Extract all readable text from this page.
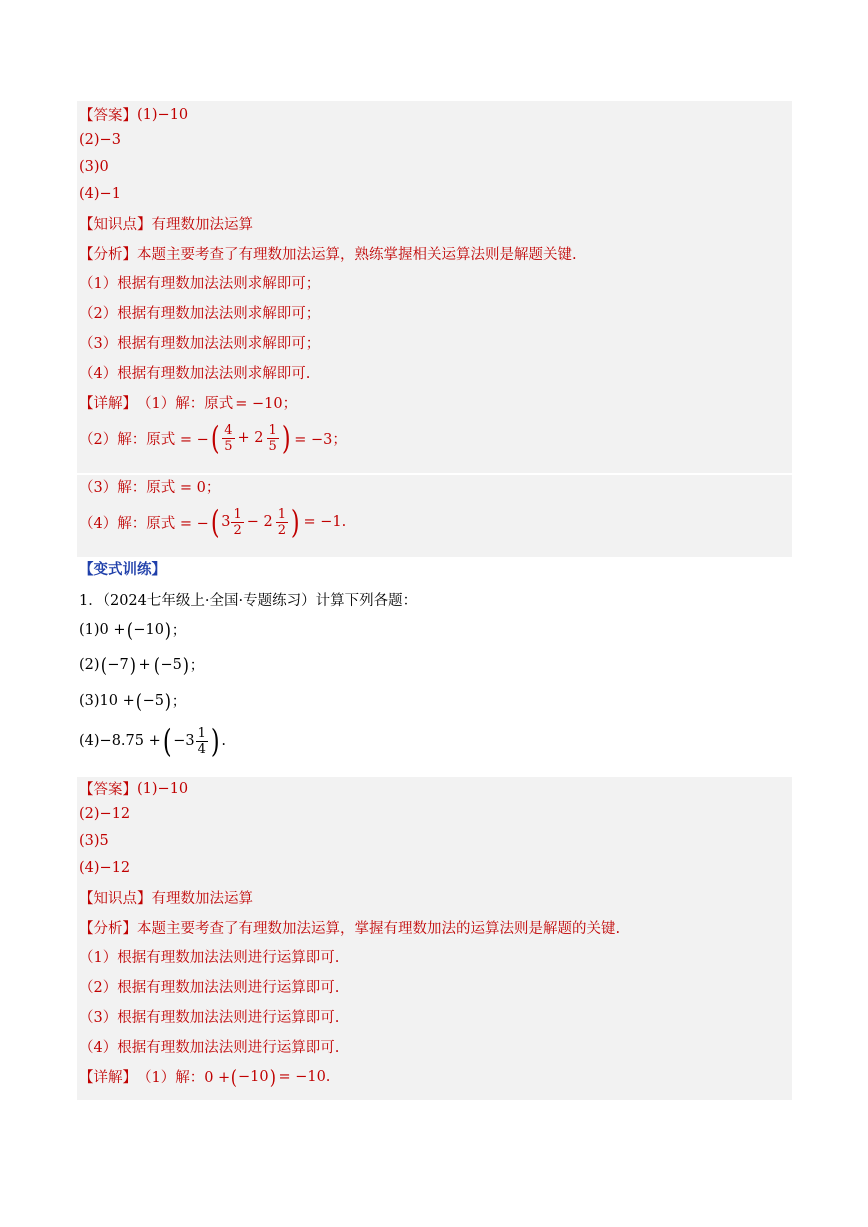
【答案】 (1)−10
(2)−3
(3)0
(4)−1
【知识点】 有理数加法运算
【分析】 本题主要考查了有理数加法运算，熟练掌握相关运算法则是解题关键.
（1）根据有理数加法法则求解即可；
（2）根据有理数加法法则求解即可；
（3）根据有理数加法法则求解即可；
（4）根据有理数加法法则求解即可.
【详解】 （1）解：原式 = −10；
（2）解：原式 = − ( $\frac{4}{5} + 2 \frac{1}{5}$ ) = −3；
（3）解：原式 = 0；
（4）解：原式 = − ( $3 \frac{1}{2} - 2 \frac{1}{2}$ ) = −1.
【变式训练】
1．（2024七年级上·全国·专题练习）计算下列各题：
(1)0 + ( −10 ) ；
(2) ( −7 ) + ( −5 ) ；
(3)10 + ( −5 ) ；
(4)−8.75 + ( $-3 \frac{1}{4}$ ) .
【答案】 (1)−10
(2)−12
(3)5
(4)−12
【知识点】 有理数加法运算
【分析】 本题主要考查了有理数加法运算，掌握有理数加法的运算法则是解题的关键.
（1）根据有理数加法法则进行运算即可.
（2）根据有理数加法法则进行运算即可.
（3）根据有理数加法法则进行运算即可.
（4）根据有理数加法法则进行运算即可.
【详解】 （1）解：0 + ( −10 ) = −10.
